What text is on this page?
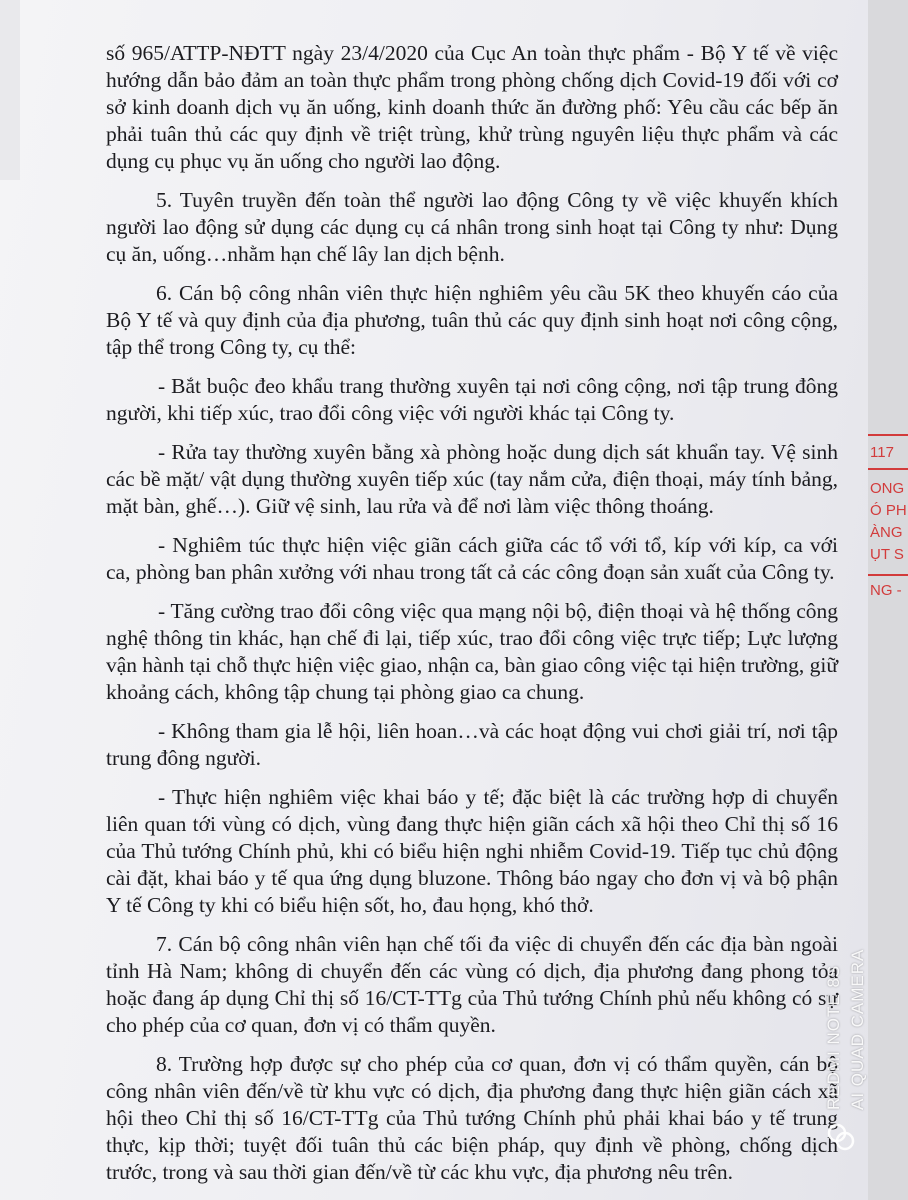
số 965/ATTP-NĐTT ngày 23/4/2020 của Cục An toàn thực phẩm - Bộ Y tế về việc hướng dẫn bảo đảm an toàn thực phẩm trong phòng chống dịch Covid-19 đối với cơ sở kinh doanh dịch vụ ăn uống, kinh doanh thức ăn đường phố: Yêu cầu các bếp ăn phải tuân thủ các quy định về triệt trùng, khử trùng nguyên liệu thực phẩm và các dụng cụ phục vụ ăn uống cho người lao động.

5. Tuyên truyền đến toàn thể người lao động Công ty về việc khuyến khích người lao động sử dụng các dụng cụ cá nhân trong sinh hoạt tại Công ty như: Dụng cụ ăn, uống…nhằm hạn chế lây lan dịch bệnh.

6. Cán bộ công nhân viên thực hiện nghiêm yêu cầu 5K theo khuyến cáo của Bộ Y tế và quy định của địa phương, tuân thủ các quy định sinh hoạt nơi công cộng, tập thể trong Công ty, cụ thể:

- Bắt buộc đeo khẩu trang thường xuyên tại nơi công cộng, nơi tập trung đông người, khi tiếp xúc, trao đổi công việc với người khác tại Công ty.

- Rửa tay thường xuyên bằng xà phòng hoặc dung dịch sát khuẩn tay. Vệ sinh các bề mặt/ vật dụng thường xuyên tiếp xúc (tay nắm cửa, điện thoại, máy tính bảng, mặt bàn, ghế…). Giữ vệ sinh, lau rửa và để nơi làm việc thông thoáng.

- Nghiêm túc thực hiện việc giãn cách giữa các tổ với tổ, kíp với kíp, ca với ca, phòng ban phân xưởng với nhau trong tất cả các công đoạn sản xuất của Công ty.

- Tăng cường trao đổi công việc qua mạng nội bộ, điện thoại và hệ thống công nghệ thông tin khác, hạn chế đi lại, tiếp xúc, trao đổi công việc trực tiếp; Lực lượng vận hành tại chỗ thực hiện việc giao, nhận ca, bàn giao công việc tại hiện trường, giữ khoảng cách, không tập chung tại phòng giao ca chung.

- Không tham gia lễ hội, liên hoan…và các hoạt động vui chơi giải trí, nơi tập trung đông người.

- Thực hiện nghiêm việc khai báo y tế; đặc biệt là các trường hợp di chuyển liên quan tới vùng có dịch, vùng đang thực hiện giãn cách xã hội theo Chỉ thị số 16 của Thủ tướng Chính phủ, khi có biểu hiện nghi nhiễm Covid-19. Tiếp tục chủ động cài đặt, khai báo y tế qua ứng dụng bluzone. Thông báo ngay cho đơn vị và bộ phận Y tế Công ty khi có biểu hiện sốt, ho, đau họng, khó thở.

7. Cán bộ công nhân viên hạn chế tối đa việc di chuyển đến các địa bàn ngoài tỉnh Hà Nam; không di chuyển đến các vùng có dịch, địa phương đang phong tỏa hoặc đang áp dụng Chỉ thị số 16/CT-TTg của Thủ tướng Chính phủ nếu không có sự cho phép của cơ quan, đơn vị có thẩm quyền.

8. Trường hợp được sự cho phép của cơ quan, đơn vị có thẩm quyền, cán bộ công nhân viên đến/về từ khu vực có dịch, địa phương đang thực hiện giãn cách xã hội theo Chỉ thị số 16/CT-TTg của Thủ tướng Chính phủ phải khai báo y tế trung thực, kịp thời; tuyệt đối tuân thủ các biện pháp, quy định về phòng, chống dịch trước, trong và sau thời gian đến/về từ các khu vực, địa phương nêu trên.

117
ONG
Ó PH
ÀNG
ỤT S
NG -
REDMI NOTE 8S AI QUAD CAMERA
